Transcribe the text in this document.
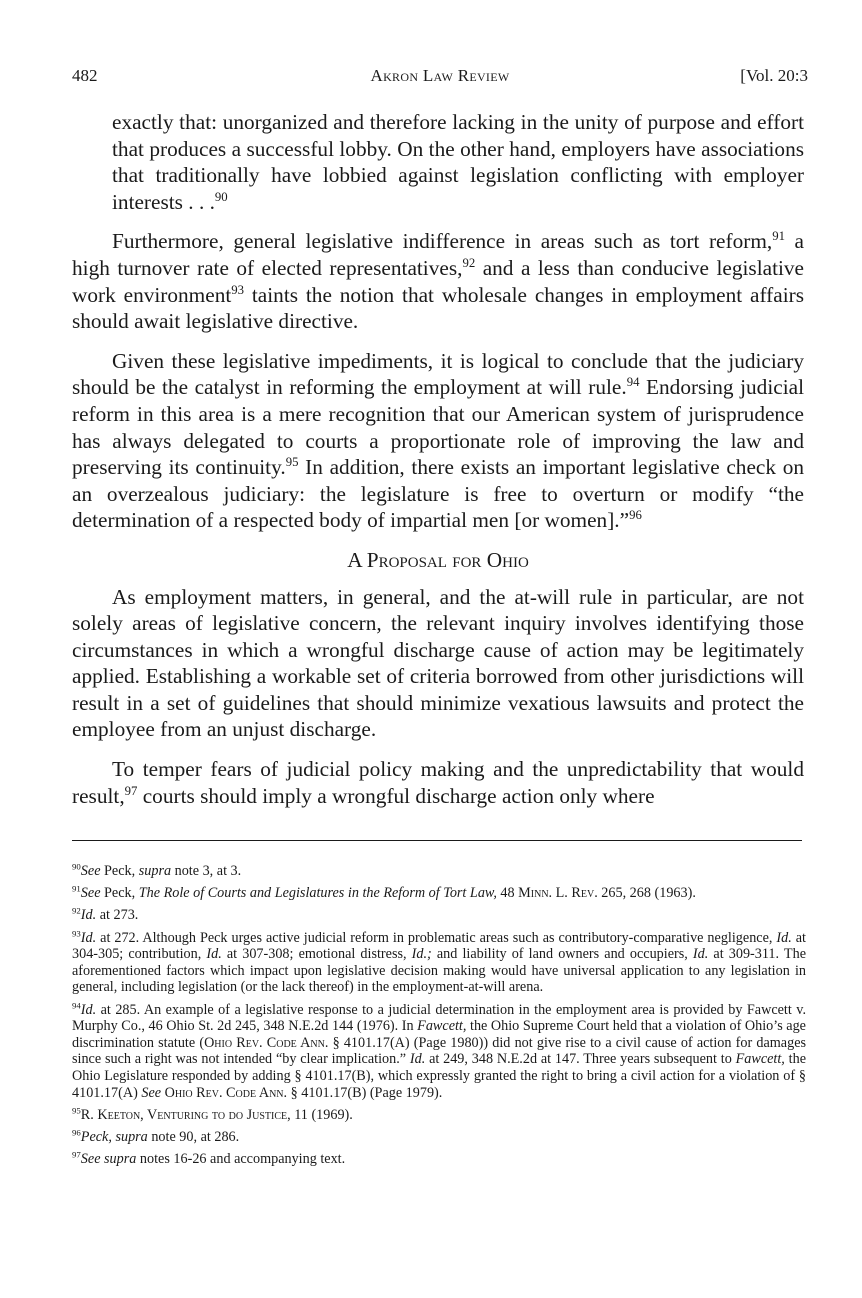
482	Akron Law Review	[Vol. 20:3

exactly that: unorganized and therefore lacking in the unity of purpose and effort that produces a successful lobby. On the other hand, employers have associations that traditionally have lobbied against legislation conflicting with employer interests . . .$^{90}$

Furthermore, general legislative indifference in areas such as tort reform,$^{91}$ a high turnover rate of elected representatives,$^{92}$ and a less than conducive legislative work environment$^{93}$ taints the notion that wholesale changes in employment affairs should await legislative directive.

Given these legislative impediments, it is logical to conclude that the judiciary should be the catalyst in reforming the employment at will rule.$^{94}$ Endorsing judicial reform in this area is a mere recognition that our American system of jurisprudence has always delegated to courts a proportionate role of improving the law and preserving its continuity.$^{95}$ In addition, there exists an important legislative check on an overzealous judiciary: the legislature is free to overturn or modify “the determination of a respected body of impartial men [or women].”$^{96}$

A Proposal for Ohio

As employment matters, in general, and the at-will rule in particular, are not solely areas of legislative concern, the relevant inquiry involves identifying those circumstances in which a wrongful discharge cause of action may be legitimately applied. Establishing a workable set of criteria borrowed from other jurisdictions will result in a set of guidelines that should minimize vexatious lawsuits and protect the employee from an unjust discharge.

To temper fears of judicial policy making and the unpredictability that would result,$^{97}$ courts should imply a wrongful discharge action only where

$^{90}$See Peck, supra note 3, at 3.
$^{91}$See Peck, The Role of Courts and Legislatures in the Reform of Tort Law, 48 Minn. L. Rev. 265, 268 (1963).
$^{92}$Id. at 273.
$^{93}$Id. at 272. Although Peck urges active judicial reform in problematic areas such as contributory-comparative negligence, Id. at 304-305; contribution, Id. at 307-308; emotional distress, Id.; and liability of land owners and occupiers, Id. at 309-311. The aforementioned factors which impact upon legislative decision making would have universal application to any legislation in general, including legislation (or the lack thereof) in the employment-at-will arena.
$^{94}$Id. at 285. An example of a legislative response to a judicial determination in the employment area is provided by Fawcett v. Murphy Co., 46 Ohio St. 2d 245, 348 N.E.2d 144 (1976). In Fawcett, the Ohio Supreme Court held that a violation of Ohio’s age discrimination statute (Ohio Rev. Code Ann. § 4101.17(A) (Page 1980)) did not give rise to a civil cause of action for damages since such a right was not intended “by clear implication.” Id. at 249, 348 N.E.2d at 147. Three years subsequent to Fawcett, the Ohio Legislature responded by adding § 4101.17(B), which expressly granted the right to bring a civil action for a violation of § 4101.17(A) See Ohio Rev. Code Ann. § 4101.17(B) (Page 1979).
$^{95}$R. Keeton, Venturing to do Justice, 11 (1969).
$^{96}$Peck, supra note 90, at 286.
$^{97}$See supra notes 16-26 and accompanying text.
